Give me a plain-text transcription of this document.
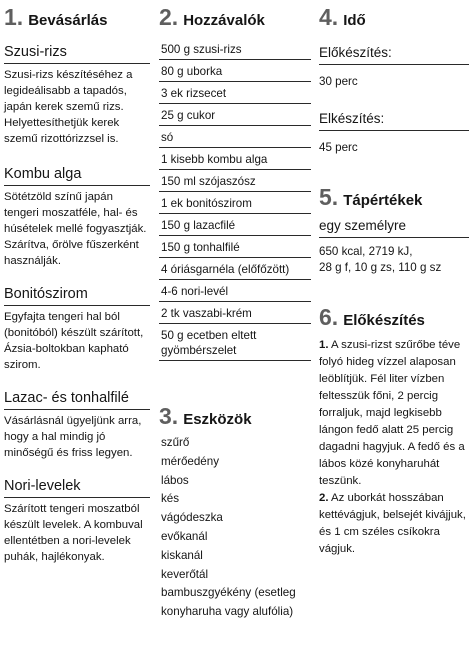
1. Bevásárlás

Szusi-rizs

Szusi-rizs készítéséhez a legideálisabb a tapadós, japán kerek szemű rizs. Helyettesíthetjük kerek szemű rizottórizzsel is.

Kombu alga

Sötétzöld színű japán tengeri moszatféle, hal- és húsételek mellé fogyasztják. Szárítva, őrölve fűszerként használják.

Bonitószirom

Egyfajta tengeri hal ból (bonitóból) készült szárított, Ázsia-boltokban kapható szirom.

Lazac- és tonhalfilé

Vásárlásnál ügyeljünk arra, hogy a hal mindig jó minőségű és friss legyen.

Nori-levelek

Szárított tengeri moszatból készült levelek. A kombuval ellentétben a nori-levelek puhák, hajlékonyak.

2. Hozzávalók
500 g szusi-rizs
80 g uborka
3 ek rizsecet
25 g cukor
só
1 kisebb kombu alga
150 ml szójaszósz
1 ek bonitószirom
150 g lazacfilé
150 g tonhalfilé
4 óriásgarnéla (előfőzött)
4-6 nori-levél
2 tk vaszabi-krém
50 g ecetben eltett gyömbérszelet
3. Eszközök
szűrő
mérőedény
lábos
kés
vágódeszka
evőkanál
kiskanál
keverőtál
bambuszgyékény (esetleg konyharuha vagy alufólia)
4. Idő

Előkészítés:

30 perc

Elkészítés:

45 perc

5. Tápértékek

egy személyre

650 kcal, 2719 kJ,

28 g f, 10 g zs, 110 g sz

6. Előkészítés

1. A szusi-rizst szűrőbe téve folyó hideg vízzel alaposan leöblítjük. Fél liter vízben feltesszük főni, 2 percig forraljuk, majd legkisebb lángon fedő alatt 25 percig dagadni hagyjuk. A fedő és a lábos közé konyharuhát teszünk.

2. Az uborkát hosszában kettévágjuk, belsejét kivájjuk, és 1 cm széles csíkokra vágjuk.
